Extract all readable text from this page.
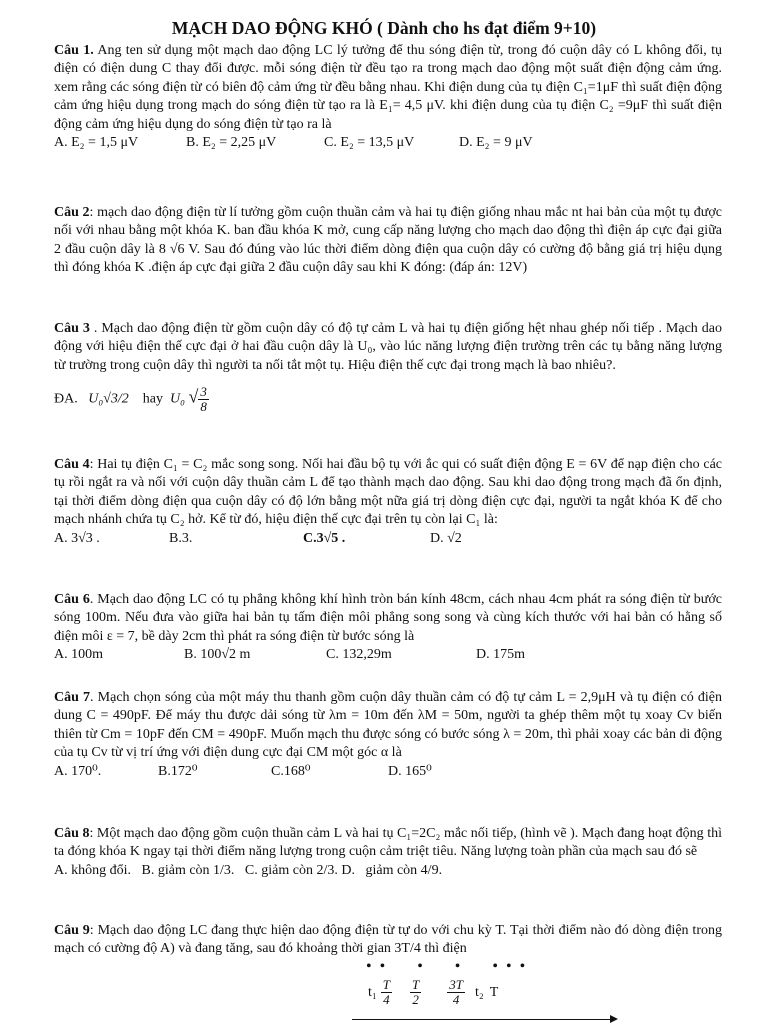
MẠCH DAO ĐỘNG KHÓ ( Dành cho hs đạt điểm 9+10)
Câu 1. Ang ten sử dụng một mạch dao động LC lý tưởng để thu sóng điện từ, trong đó cuộn dây có L không đổi, tụ điện có điện dung C thay đổi được. mỗi sóng điện từ đều tạo ra trong mạch dao động một suất điện động cảm ứng. xem rằng các sóng điện từ có biên độ cảm ứng từ đều bằng nhau. Khi điện dung của tụ điện C₁=1μF thì suất điện động cảm ứng hiệu dụng trong mạch do sóng điện từ tạo ra là E₁= 4,5 μV. khi điện dung của tụ điện C₂ =9μF thì suất điện động cảm ứng hiệu dụng do sóng điện từ tạo ra là
A. E₂ = 1,5 μV	B. E₂ = 2,25 μV	C. E₂ = 13,5 μV	D. E₂ = 9 μV
Câu 2: mạch dao động điện từ lí tưởng gồm cuộn thuần cảm và hai tụ điện giống nhau mắc nt hai bản của một tụ được nối với nhau bằng một khóa K. ban đầu khóa K mở, cung cấp năng lượng cho mạch dao động thì điện áp cực đại giữa 2 đầu cuộn dây là 8 √6 V. Sau đó đúng vào lúc thời điểm dòng điện qua cuộn dây có cường độ bằng giá trị hiệu dụng thì đóng khóa K .điện áp cực đại giữa 2 đầu cuộn dây sau khi K đóng: (đáp án: 12V)
Câu 3 . Mạch dao động điện từ gồm cuộn dây có độ tự cảm L và hai tụ điện giống hệt nhau ghép nối tiếp . Mạch dao động với hiệu điện thế cực đại ở hai đầu cuộn dây là U₀, vào lúc năng lượng điện trường trên các tụ bằng năng lượng từ trường trong cuộn dây thì người ta nối tắt một tụ. Hiệu điện thế cực đại trong mạch là bao nhiêu?.
ĐA. U₀√3/2 hay U₀ √ $\frac{3}{8}$
Câu 4: Hai tụ điện C₁ = C₂ mắc song song. Nối hai đầu bộ tụ với ắc qui có suất điện động E = 6V để nạp điện cho các tụ rồi ngắt ra và nối với cuộn dây thuần cảm L để tạo thành mạch dao động. Sau khi dao động trong mạch đã ổn định, tại thời điểm dòng điện qua cuộn dây có độ lớn bằng một nữa giá trị dòng điện cực đại, người ta ngắt khóa K để cho mạch nhánh chứa tụ C₂ hở. Kể từ đó, hiệu điện thế cực đại trên tụ còn lại C₁ là:
A. 3√3 .	B.3.	C.3√5 .	D. √2
Câu 6. Mạch dao động LC có tụ phẳng không khí hình tròn bán kính 48cm, cách nhau 4cm phát ra sóng điện từ bước sóng 100m. Nếu đưa vào giữa hai bản tụ tấm điện môi phẳng song song và cùng kích thước với hai bản có hằng số điện môi ε = 7, bề dày 2cm thì phát ra sóng điện từ bước sóng là
A. 100m	B. 100√2 m	C. 132,29m	D. 175m
Câu 7. Mạch chọn sóng của một máy thu thanh gồm cuộn dây thuần cảm có độ tự cảm L = 2,9μH và tụ điện có điện dung C = 490pF. Để máy thu được dải sóng từ λm = 10m đến λM = 50m, người ta ghép thêm một tụ xoay Cv biến thiên từ Cm = 10pF đến CM = 490pF. Muốn mạch thu được sóng có bước sóng λ = 20m, thì phải xoay các bản di động của tụ Cv từ vị trí ứng với điện dung cực đại CM một góc α là
A. 170⁰.	B.172⁰	C.168⁰	D. 165⁰
Câu 8: Một mạch dao động gồm cuộn thuần cảm L và hai tụ C₁=2C₂ mắc nối tiếp, (hình vẽ ). Mạch đang hoạt động thì ta đóng khóa K ngay tại thời điểm năng lượng trong cuộn cảm triệt tiêu. Năng lượng toàn phần của mạch sau đó sẽ
A. không đổi.   B. giảm còn 1/3.   C. giảm còn 2/3. D.   giảm còn 4/9.
Câu 9: Mạch dao động LC đang thực hiện dao động điện từ tự do với chu kỳ T. Tại thời điểm nào đó dòng điện trong mạch có cường độ A) và đang tăng, sau đó khoảng thời gian 3T/4 thì điện
• •     •     •     • • •
$t_1 \frac{T}{4} \frac{T}{2} \frac{3T}{4} t_2$ T
